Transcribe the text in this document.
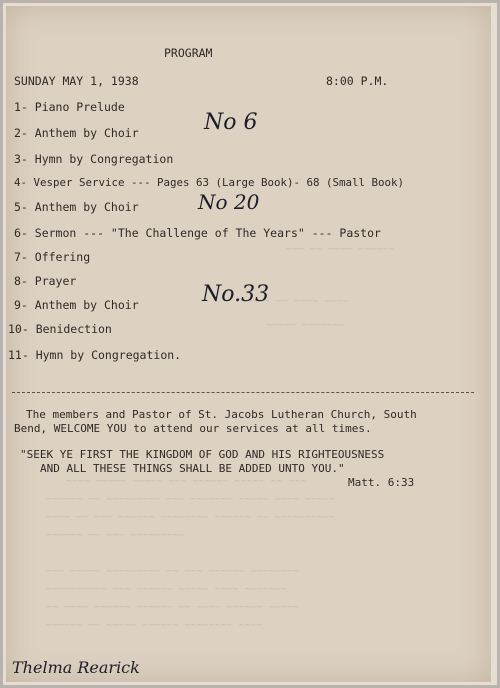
~~~ ~~ ~~~~ ~~~~~~
~~~~ ~~ ~~~~ ~~~~
~~~~~ ~~~~~~~
~~~~ ~~~~~ ~~~~~ ~~~ ~~~~~~ ~~~~~ ~~ ~~~
~~~~~~ ~~ ~~~~~~~~~ ~~~ ~~~~~~~ ~~~~~ ~~~~ ~~~~~
~~~~ ~~ ~~~ ~~~~~~ ~~~~~~~~ ~~~~~~ ~~ ~~~~~~~~~~
~~~~~~ ~~ ~~~ ~~~~~~~~~
~~~ ~~~~~ ~~~~~~~~~ ~~ ~~~ ~~~~~~ ~~~~~~~~
~~~~~~~~~~ ~~~ ~~~~~~ ~~~~~ ~~~~ ~~~~~~~
~~ ~~~~ ~~~~~~ ~~~~~~ ~~ ~~~~ ~~~~~~ ~~~~~
~~~~~~ ~~ ~~~~~ ~~~~~~ ~~~~~~~~ ~~~~
PROGRAM
SUNDAY MAY 1, 1938	8:00 P.M.
1- Piano Prelude
2- Anthem by Choir	No 6
3- Hymn by Congregation
4- Vesper Service --- Pages 63 (Large Book)- 68 (Small Book)
5- Anthem by Choir	No 20
6- Sermon --- "The Challenge of The Years" --- Pastor
7- Offering
8- Prayer
9- Anthem by Choir	No.33
10- Benidection
11- Hymn by Congregation.
The members and Pastor of St. Jacobs Lutheran Church, South
Bend, WELCOME YOU to attend our services at all times.
"SEEK YE FIRST THE KINGDOM OF GOD AND HIS RIGHTEOUSNESS
AND ALL THESE THINGS SHALL BE ADDED UNTO YOU."
Matt. 6:33
Thelma Rearick
